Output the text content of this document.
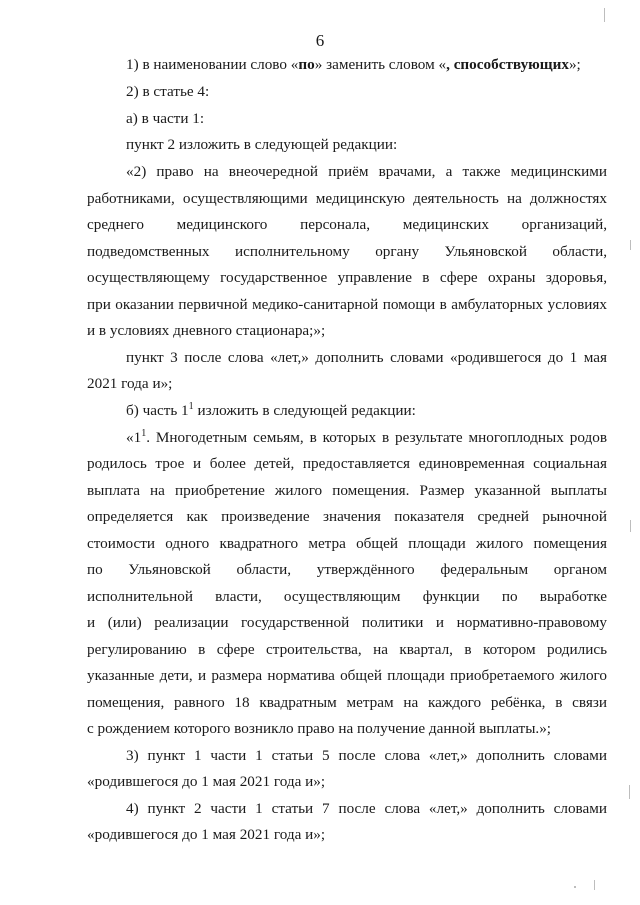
6
1) в наименовании слово «по» заменить словом «, способствующих»;
2) в статье 4:
а) в части 1:
пункт 2 изложить в следующей редакции:
«2) право на внеочередной приём врачами, а также медицинскими
работниками, осуществляющими медицинскую деятельность на должностях
среднего медицинского персонала, медицинских организаций,
подведомственных исполнительному органу Ульяновской области,
осуществляющему государственное управление в сфере охраны здоровья,
при оказании первичной медико-санитарной помощи в амбулаторных условиях
и в условиях дневного стационара;»;
пункт 3 после слова «лет,» дополнить словами «родившегося до 1 мая
2021 года и»;
б) часть $1^1$ изложить в следующей редакции:
«$1^1$. Многодетным семьям, в которых в результате многоплодных родов
родилось трое и более детей, предоставляется единовременная социальная
выплата на приобретение жилого помещения. Размер указанной выплаты
определяется как произведение значения показателя средней рыночной
стоимости одного квадратного метра общей площади жилого помещения
по Ульяновской области, утверждённого федеральным органом
исполнительной власти, осуществляющим функции по выработке
и (или) реализации государственной политики и нормативно-правовому
регулированию в сфере строительства, на квартал, в котором родились
указанные дети, и размера норматива общей площади приобретаемого жилого
помещения, равного 18 квадратным метрам на каждого ребёнка, в связи
с рождением которого возникло право на получение данной выплаты.»;
3) пункт 1 части 1 статьи 5 после слова «лет,» дополнить словами
«родившегося до 1 мая 2021 года и»;
4) пункт 2 части 1 статьи 7 после слова «лет,» дополнить словами
«родившегося до 1 мая 2021 года и»;
